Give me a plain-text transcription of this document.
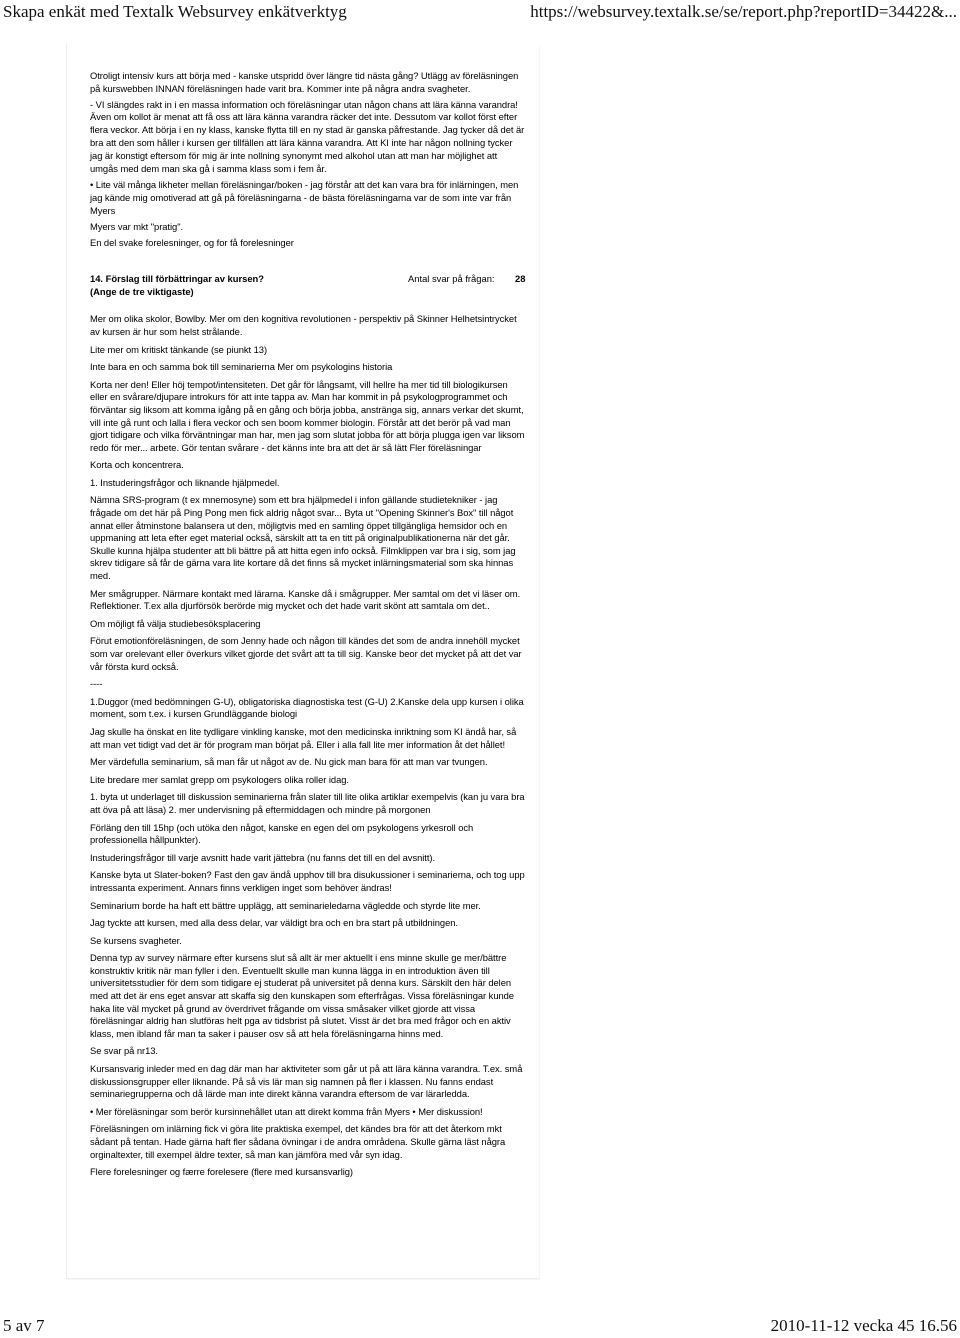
Skapa enkät med Textalk Websurvey enkätverktyg	https://websurvey.textalk.se/se/report.php?reportID=34422&...

Otroligt intensiv kurs att börja med - kanske utspridd över längre tid nästa gång? Utlägg av föreläsningen på kurswebben INNAN föreläsningen hade varit bra. Kommer inte på några andra svagheter.

- VI slängdes rakt in i en massa information och föreläsningar utan någon chans att lära känna varandra! Även om kollot är menat att få oss att lära känna varandra räcker det inte. Dessutom var kollot först efter flera veckor. Att börja i en ny klass, kanske flytta till en ny stad är ganska påfrestande. Jag tycker då det är bra att den som håller i kursen ger tillfällen att lära känna varandra. Att KI inte har någon nollning tycker jag är konstigt eftersom för mig är inte nollning synonymt med alkohol utan att man har möjlighet att umgås med dem man ska gå i samma klass som i fem år.

• Lite väl många likheter mellan föreläsningar/boken - jag förstår att det kan vara bra för inlärningen, men jag kände mig omotiverad att gå på föreläsningarna - de bästa föreläsningarna var de som inte var från Myers

Myers var mkt "pratig".

En del svake forelesninger, og for få forelesninger

14. Förslag till förbättringar av kursen?
(Ange de tre viktigaste)
Antal svar på frågan: 28

Mer om olika skolor, Bowlby. Mer om den kognitiva revolutionen - perspektiv på Skinner Helhetsintrycket av kursen är hur som helst strålande.

Lite mer om kritiskt tänkande (se piunkt 13)

Inte bara en och samma bok till seminarierna Mer om psykologins historia

Korta ner den! Eller höj tempot/intensiteten. Det går för långsamt, vill hellre ha mer tid till biologikursen eller en svårare/djupare introkurs för att inte tappa av. Man har kommit in på psykologprogrammet och förväntar sig liksom att komma igång på en gång och börja jobba, anstränga sig, annars verkar det skumt, vill inte gå runt och lalla i flera veckor och sen boom kommer biologin. Förstår att det berör på vad man gjort tidigare och vilka förväntningar man har, men jag som slutat jobba för att börja plugga igen var liksom redo för mer... arbete. Gör tentan svårare - det känns inte bra att det är så lätt Fler föreläsningar

Korta och koncentrera.

1. Instuderingsfrågor och liknande hjälpmedel.

Nämna SRS-program (t ex mnemosyne) som ett bra hjälpmedel i infon gällande studietekniker - jag frågade om det här på Ping Pong men fick aldrig något svar... Byta ut "Opening Skinner's Box" till något annat eller åtminstone balansera ut den, möjligtvis med en samling öppet tillgängliga hemsidor och en uppmaning att leta efter eget material också, särskilt att ta en titt på originalpublikationerna när det går. Skulle kunna hjälpa studenter att bli bättre på att hitta egen info också. Filmklippen var bra i sig, som jag skrev tidigare så får de gärna vara lite kortare då det finns så mycket inlärningsmaterial som ska hinnas med.

Mer smågrupper. Närmare kontakt med lärarna. Kanske då i smågrupper. Mer samtal om det vi läser om. Reflektioner. T.ex alla djurförsök berörde mig mycket och det hade varit skönt att samtala om det..

Om möjligt få välja studiebesöksplacering

Förut emotionföreläsningen, de som Jenny hade och någon till kändes det som de andra innehöll mycket som var orelevant eller överkurs vilket gjorde det svårt att ta till sig. Kanske beor det mycket på att det var vår första kurd också.

----

1.Duggor (med bedömningen G-U), obligatoriska diagnostiska test (G-U) 2.Kanske dela upp kursen i olika moment, som t.ex. i kursen Grundläggande biologi

Jag skulle ha önskat en lite tydligare vinkling kanske, mot den medicinska inriktning som KI ändå har, så att man vet tidigt vad det är för program man börjat på. Eller i alla fall lite mer information åt det hållet!

Mer värdefulla seminarium, så man får ut något av de. Nu gick man bara för att man var tvungen.

Lite bredare mer samlat grepp om psykologers olika roller idag.

1. byta ut underlaget till diskussion seminarierna från slater till lite olika artiklar exempelvis (kan ju vara bra att öva på att läsa) 2. mer undervisning på eftermiddagen och mindre på morgonen

Förläng den till 15hp (och utöka den något, kanske en egen del om psykologens yrkesroll och professionella hållpunkter).

Instuderingsfrågor till varje avsnitt hade varit jättebra (nu fanns det till en del avsnitt).

Kanske byta ut Slater-boken? Fast den gav ändå upphov till bra disukussioner i seminarierna, och tog upp intressanta experiment. Annars finns verkligen inget som behöver ändras!

Seminarium borde ha haft ett bättre upplägg, att seminarieledarna vägledde och styrde lite mer.

Jag tyckte att kursen, med alla dess delar, var väldigt bra och en bra start på utbildningen.

Se kursens svagheter.

Denna typ av survey närmare efter kursens slut så allt är mer aktuellt i ens minne skulle ge mer/bättre konstruktiv kritik när man fyller i den. Eventuellt skulle man kunna lägga in en introduktion även till universitetsstudier för dem som tidigare ej studerat på universitet på denna kurs. Särskilt den här delen med att det är ens eget ansvar att skaffa sig den kunskapen som efterfrågas. Vissa föreläsningar kunde haka lite väl mycket på grund av överdrivet frågande om vissa småsaker vilket gjorde att vissa föreläsningar aldrig han slutföras helt pga av tidsbrist på slutet. Visst är det bra med frågor och en aktiv klass, men ibland får man ta saker i pauser osv så att hela föreläsningarna hinns med.

Se svar på nr13.

Kursansvarig inleder med en dag där man har aktiviteter som går ut på att lära känna varandra. T.ex. små diskussionsgrupper eller liknande. På så vis lär man sig namnen på fler i klassen. Nu fanns endast seminariegrupperna och då lärde man inte direkt känna varandra eftersom de var lärarledda.

• Mer föreläsningar som berör kursinnehållet utan att direkt komma från Myers • Mer diskussion!

Föreläsningen om inlärning fick vi göra lite praktiska exempel, det kändes bra för att det återkom mkt sådant på tentan. Hade gärna haft fler sådana övningar i de andra områdena. Skulle gärna läst några orginaltexter, till exempel äldre texter, så man kan jämföra med vår syn idag.

Flere forelesninger og færre forelesere (flere med kursansvarlig)

5 av 7	2010-11-12 vecka 45 16.56
